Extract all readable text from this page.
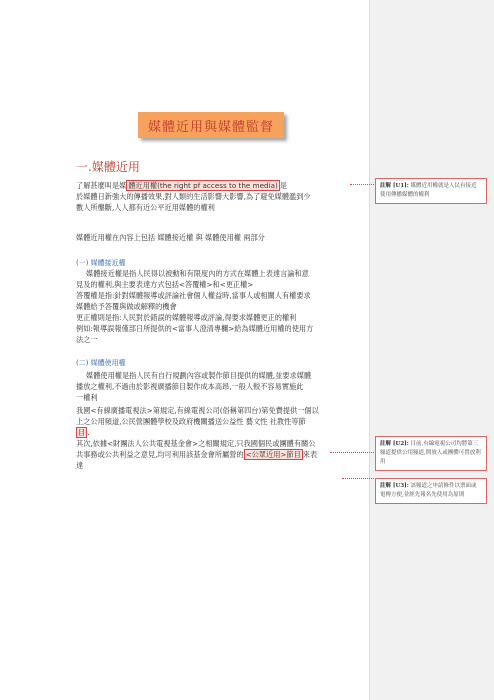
媒體近用與媒體監督
一.媒體近用

了解甚麼叫是媒 體近用權(the right pf access to the media) 是

於媒體日新強大的傳播效果,對人類的生活影響大影響,為了避免媒體濫到少

數人所壟斷,人人都有近公平近用媒體的權利

媒體近用權在內容上包括 媒體接近權 與 媒體使用權 兩部分
(一) 媒體接近權

媒體接近權是指人民得以被動和有限度內的方式在媒體上表達言論和意

見及的權利,與主要表達方式包括<答覆權>和<更正權>

答覆權是指:針對媒體報導或評論社會個人權益時,當事人或相關人有權要求

媒體給予答覆與做或解釋的機會

更正權則是指:人民對於錯誤的媒體報導或評論,得要求媒體更正的權利

例如:報導誤報僅部日所提供的<當事人澄清專欄>給為媒體近用權的使用方

法之一

(二) 媒體使用權

媒體使用權是指人民有自行規劃內容或製作節目提供的媒體,並要求媒體

播放之權利,不過由於影視廣播節目製作成本高昂,一般人較不容易實施此

一權利

我國<有線廣播電視法>第規定,有線電視公司(俗稱第四台)第免費提供一個以

上之公用頻道,公民營團體學校及政府機關播送公益性 藝文性 社教性等節

目 .

其次,依據<財團法人公共電視基金會>之相關規定,只我國個民或團體有關公

共事務或公共利益之意見,均可利用該基金會所屬營的 <公眾近用>節目 來表

達

註解 [U1]: 媒體近用權就是人民有接近使用傳播媒體的權利
註解 [U2]: 目前,有線電視公司均將第三頻道提供公用頻道,開放人或團體可置放利用
註解 [U3]: 該頻道之申請條件以票面或電傳方便,並經先報名先使用為原則
